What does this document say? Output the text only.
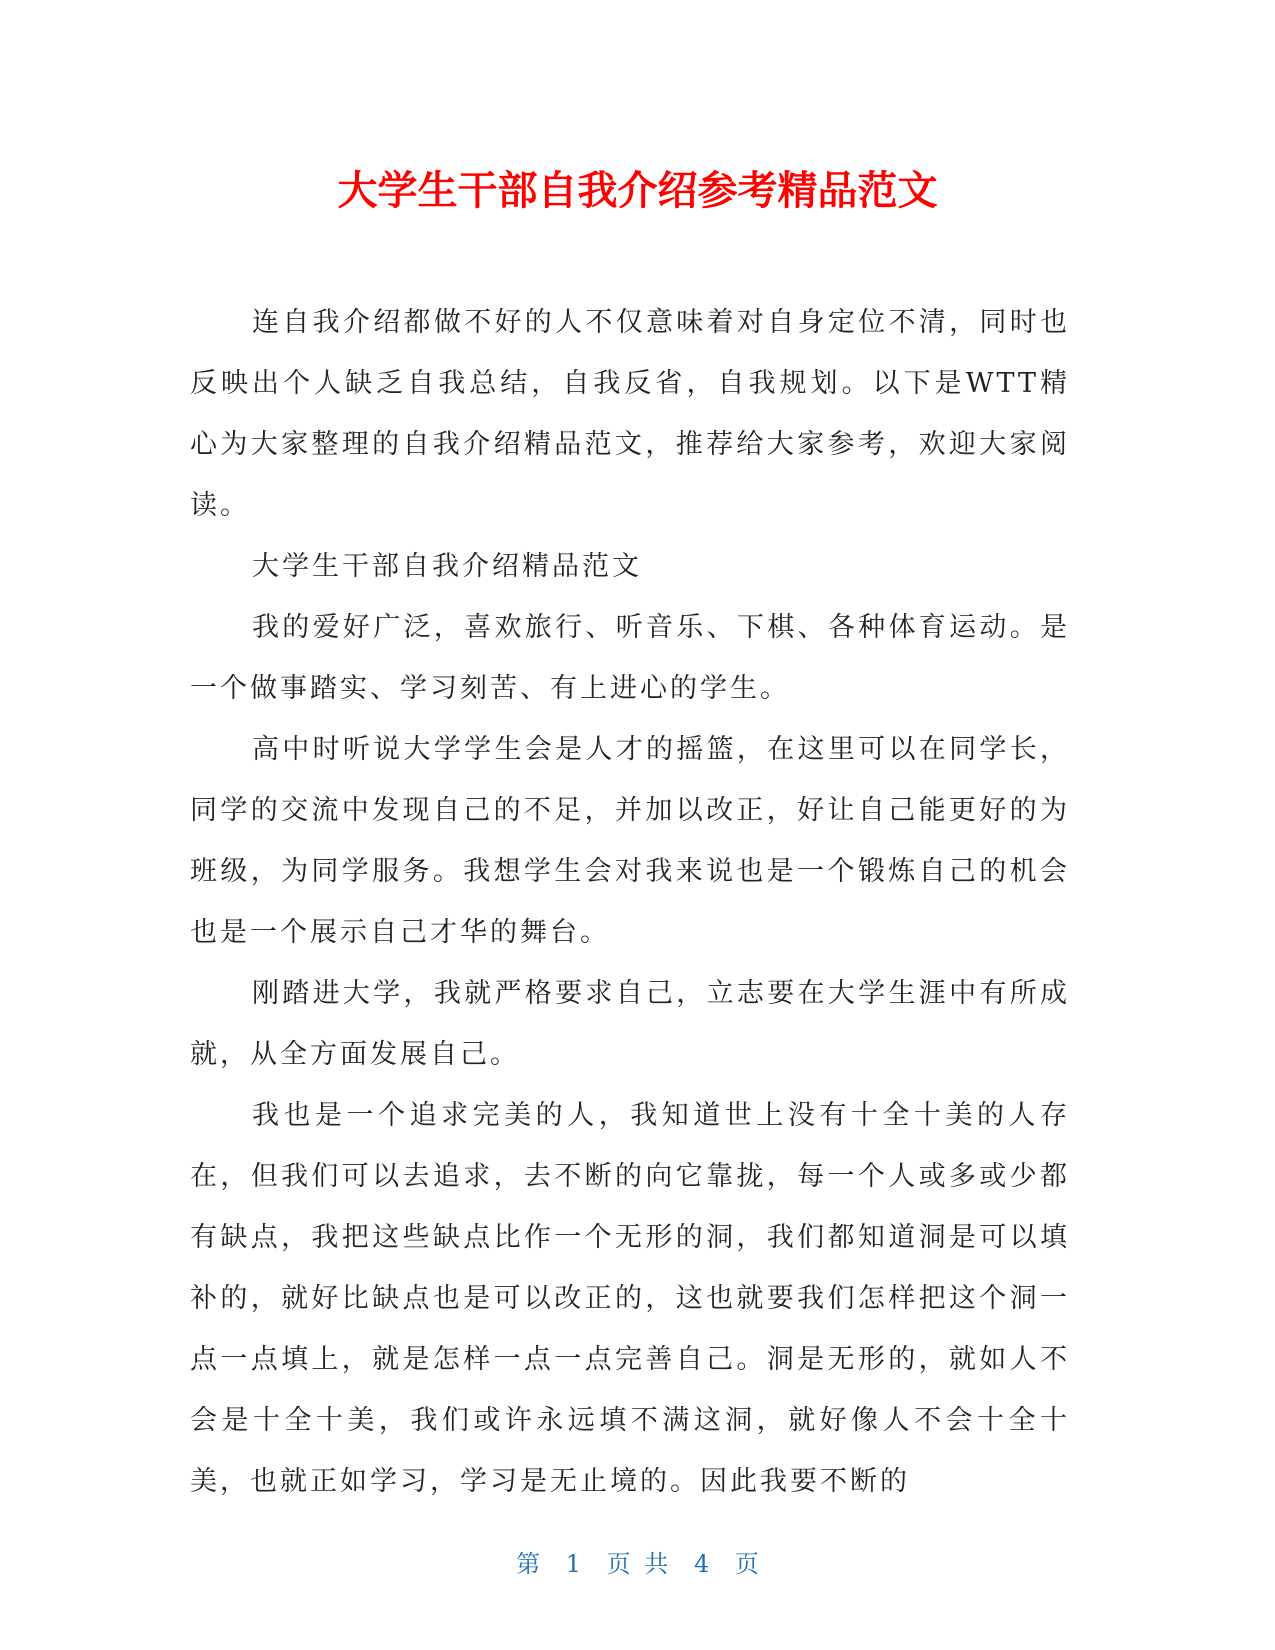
大学生干部自我介绍参考精品范文

连自我介绍都做不好的人不仅意味着对自身定位不清，同时也反映出个人缺乏自我总结，自我反省，自我规划。以下是WTT精心为大家整理的自我介绍精品范文，推荐给大家参考，欢迎大家阅读。

大学生干部自我介绍精品范文

我的爱好广泛，喜欢旅行、听音乐、下棋、各种体育运动。是一个做事踏实、学习刻苦、有上进心的学生。

高中时听说大学学生会是人才的摇篮，在这里可以在同学长，同学的交流中发现自己的不足，并加以改正，好让自己能更好的为班级，为同学服务。我想学生会对我来说也是一个锻炼自己的机会也是一个展示自己才华的舞台。

刚踏进大学，我就严格要求自己，立志要在大学生涯中有所成就，从全方面发展自己。

我也是一个追求完美的人，我知道世上没有十全十美的人存在，但我们可以去追求，去不断的向它靠拢，每一个人或多或少都有缺点，我把这些缺点比作一个无形的洞，我们都知道洞是可以填补的，就好比缺点也是可以改正的，这也就要我们怎样把这个洞一点一点填上，就是怎样一点一点完善自己。洞是无形的，就如人不会是十全十美，我们或许永远填不满这洞，就好像人不会十全十美，也就正如学习，学习是无止境的。因此我要不断的

第 1 页 共 4 页
